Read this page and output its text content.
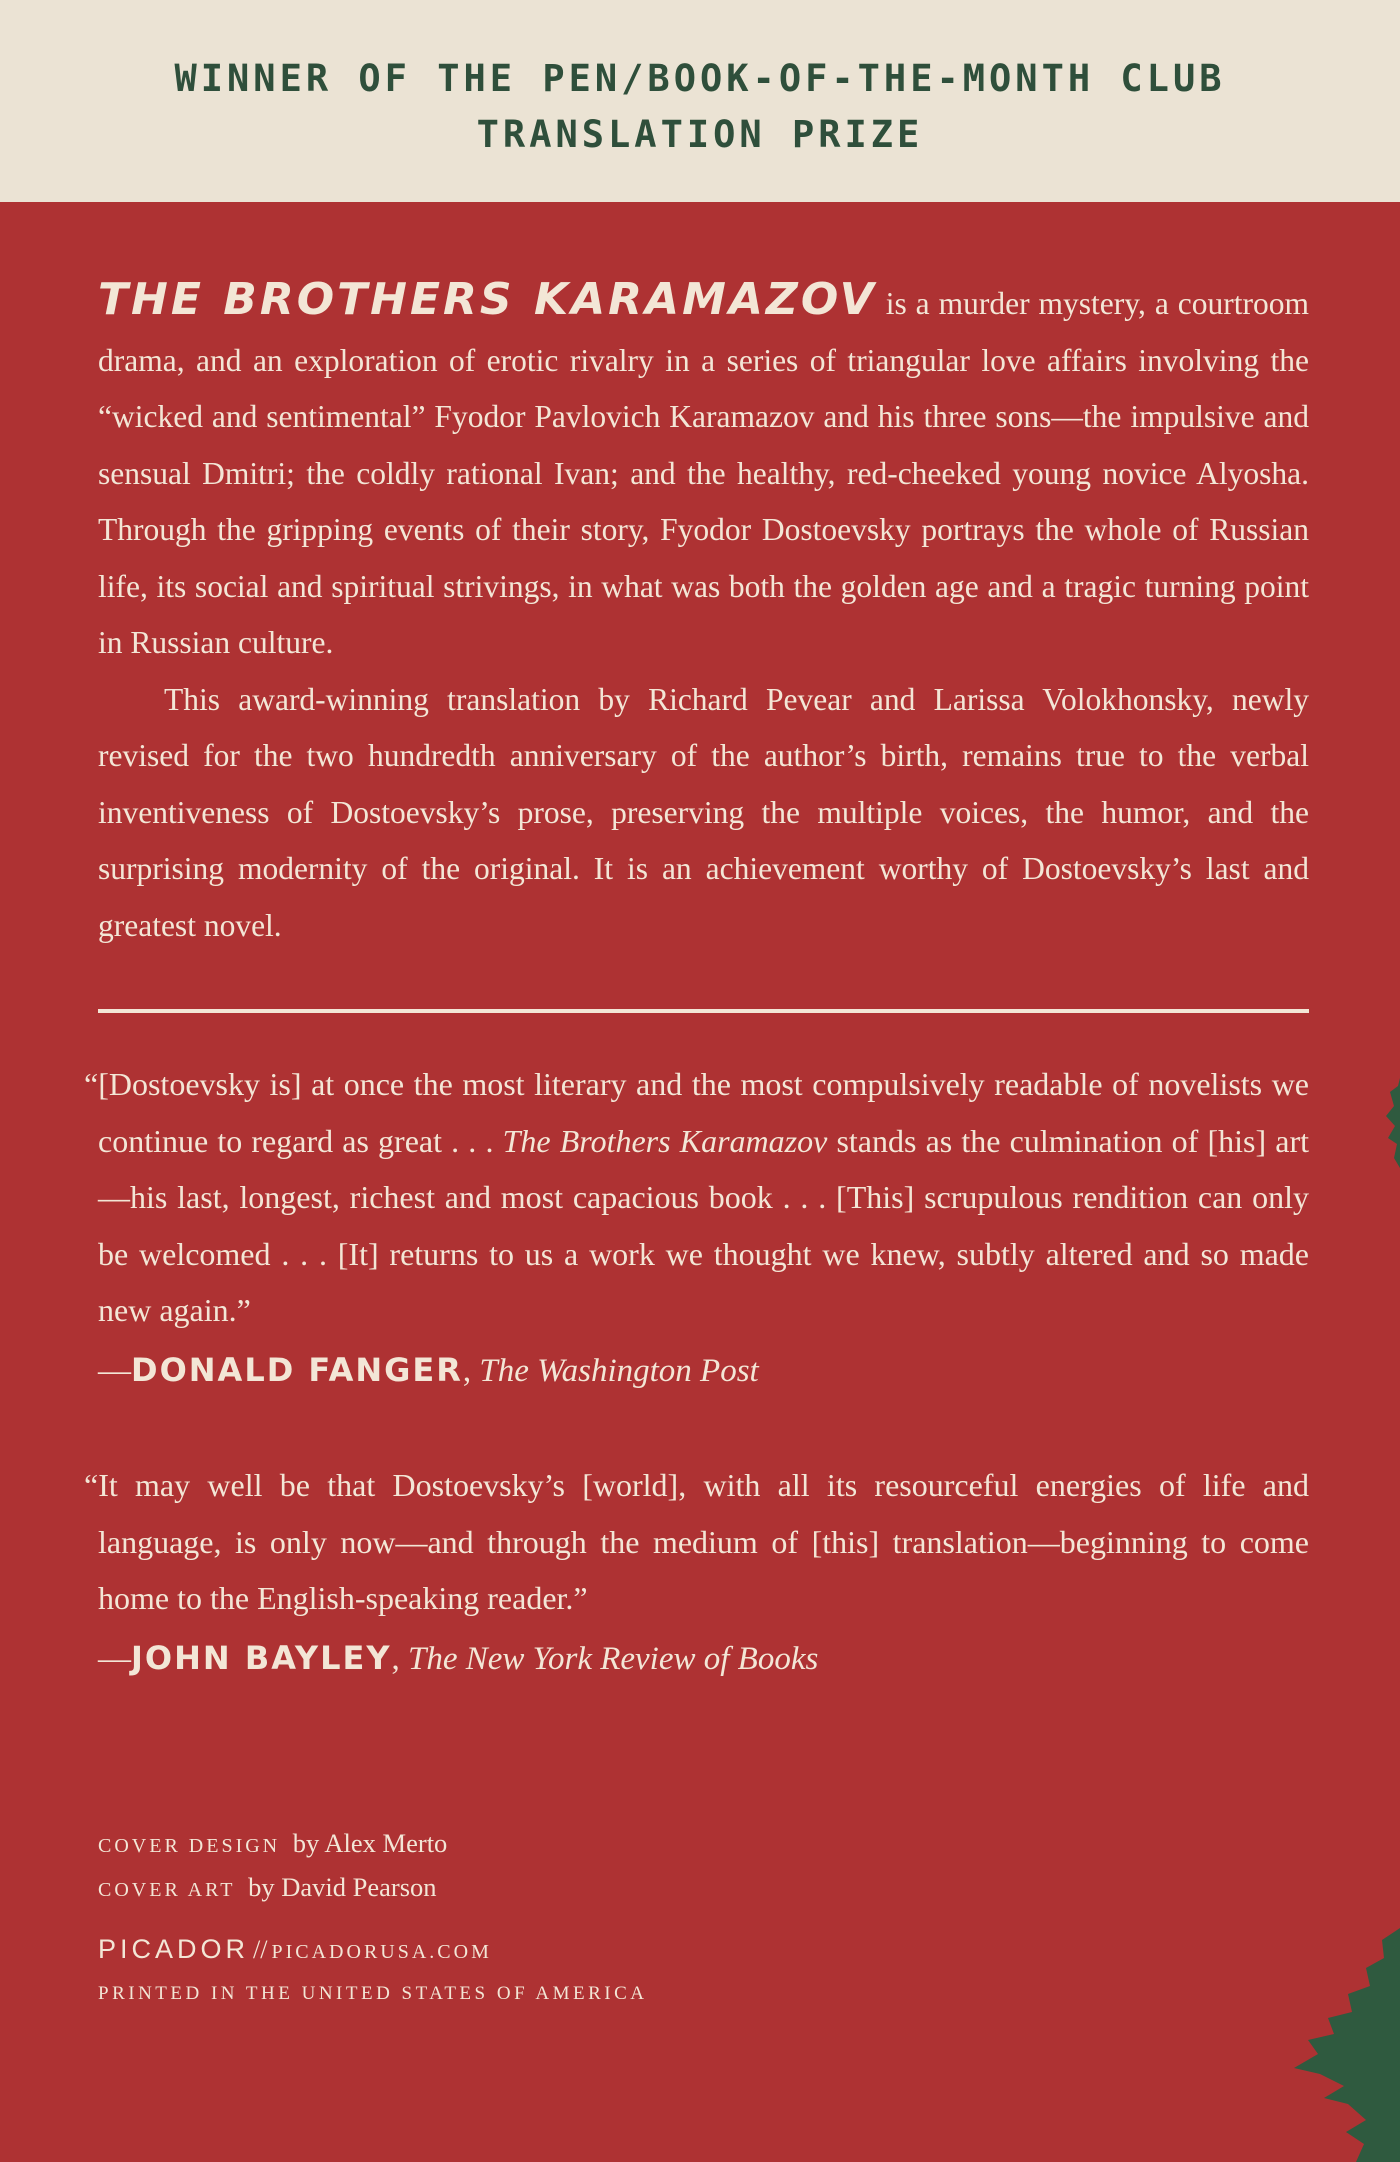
WINNER OF THE PEN/BOOK-OF-THE-MONTH CLUB
TRANSLATION PRIZE

THE BROTHERS KARAMAZOV is a murder mystery, a courtroom drama, and an exploration of erotic rivalry in a series of triangular love affairs involving the “wicked and sentimental” Fyodor Pavlovich Karamazov and his three sons—the impulsive and sensual Dmitri; the coldly rational Ivan; and the healthy, red-cheeked young novice Alyosha. Through the gripping events of their story, Fyodor Dostoevsky portrays the whole of Russian life, its social and spiritual strivings, in what was both the golden age and a tragic turning point in Russian culture.

This award-winning translation by Richard Pevear and Larissa Volokhonsky, newly revised for the two hundredth anniversary of the author’s birth, remains true to the verbal inventiveness of Dostoevsky’s prose, preserving the multiple voices, the humor, and the surprising modernity of the original. It is an achievement worthy of Dostoevsky’s last and greatest novel.

“[Dostoevsky is] at once the most literary and the most compulsively readable of novelists we continue to regard as great . . . The Brothers Karamazov stands as the culmination of [his] art—his last, longest, richest and most capacious book . . . [This] scrupulous rendition can only be welcomed . . . [It] returns to us a work we thought we knew, subtly altered and so made new again.”

—DONALD FANGER, The Washington Post

“It may well be that Dostoevsky’s [world], with all its resourceful energies of life and language, is only now—and through the medium of [this] translation—beginning to come home to the English-speaking reader.”

—JOHN BAYLEY, The New York Review of Books
COVER DESIGN by Alex Merto
COVER ART by David Pearson
PICADOR // PICADORUSA.COM
PRINTED IN THE UNITED STATES OF AMERICA
